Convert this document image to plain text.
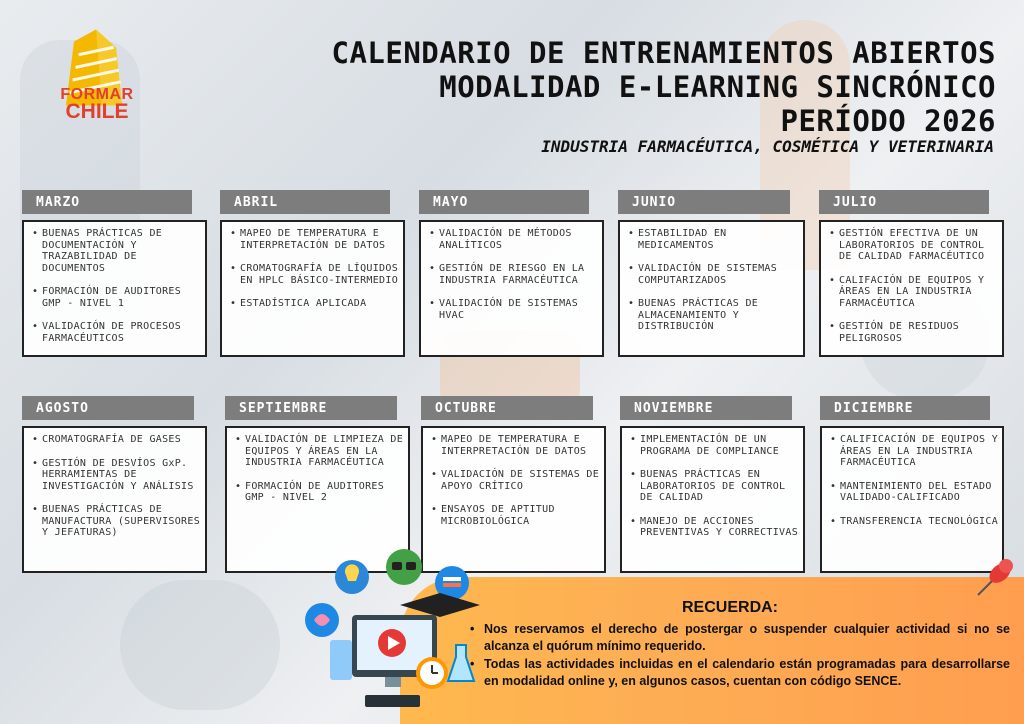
FORMAR
CHILE
CALENDARIO DE ENTRENAMIENTOS ABIERTOS
MODALIDAD E-LEARNING SINCRÓNICO
PERÍODO 2026
INDUSTRIA FARMACÉUTICA, COSMÉTICA Y VETERINARIA
MARZO
• BUENAS PRÁCTICAS DE DOCUMENTACIÓN Y TRAZABILIDAD DE DOCUMENTOS
• FORMACIÓN DE AUDITORES GMP - NIVEL 1
• VALIDACIÓN DE PROCESOS FARMACÉUTICOS
ABRIL
• MAPEO DE TEMPERATURA E INTERPRETACIÓN DE DATOS
• CROMATOGRAFÍA DE LÍQUIDOS EN HPLC BÁSICO-INTERMEDIO
• ESTADÍSTICA APLICADA
MAYO
• VALIDACIÓN DE MÉTODOS ANALÍTICOS
• GESTIÓN DE RIESGO EN LA INDUSTRIA FARMACÉUTICA
• VALIDACIÓN DE SISTEMAS HVAC
JUNIO
• ESTABILIDAD EN MEDICAMENTOS
• VALIDACIÓN DE SISTEMAS COMPUTARIZADOS
• BUENAS PRÁCTICAS DE ALMACENAMIENTO Y DISTRIBUCIÓN
JULIO
• GESTIÓN EFECTIVA DE UN LABORATORIOS DE CONTROL DE CALIDAD FARMACÉUTICO
• CALIFACIÓN DE EQUIPOS Y ÁREAS EN LA INDUSTRIA FARMACÉUTICA
• GESTIÓN DE RESIDUOS PELIGROSOS
AGOSTO
• CROMATOGRAFÍA DE GASES
• GESTIÓN DE DESVÍOS GxP. HERRAMIENTAS DE INVESTIGACIÓN Y ANÁLISIS
• BUENAS PRÁCTICAS DE MANUFACTURA (SUPERVISORES Y JEFATURAS)
SEPTIEMBRE
• VALIDACIÓN DE LIMPIEZA DE EQUIPOS Y ÁREAS EN LA INDUSTRIA FARMACÉUTICA
• FORMACIÓN DE AUDITORES GMP - NIVEL 2
OCTUBRE
• MAPEO DE TEMPERATURA E INTERPRETACIÓN DE DATOS
• VALIDACIÓN DE SISTEMAS DE APOYO CRÍTICO
• ENSAYOS DE APTITUD MICROBIOLÓGICA
NOVIEMBRE
• IMPLEMENTACIÓN DE UN PROGRAMA DE COMPLIANCE
• BUENAS PRÁCTICAS EN LABORATORIOS DE CONTROL DE CALIDAD
• MANEJO DE ACCIONES PREVENTIVAS Y CORRECTIVAS
DICIEMBRE
• CALIFICACIÓN DE EQUIPOS Y ÁREAS EN LA INDUSTRIA FARMACÉUTICA
• MANTENIMIENTO DEL ESTADO VALIDADO-CALIFICADO
• TRANSFERENCIA TECNOLÓGICA
RECUERDA:
• Nos reservamos el derecho de postergar o suspender cualquier actividad si no se alcanza el quórum mínimo requerido.
• Todas las actividades incluidas en el calendario están programadas para desarrollarse en modalidad online y, en algunos casos, cuentan con código SENCE.
